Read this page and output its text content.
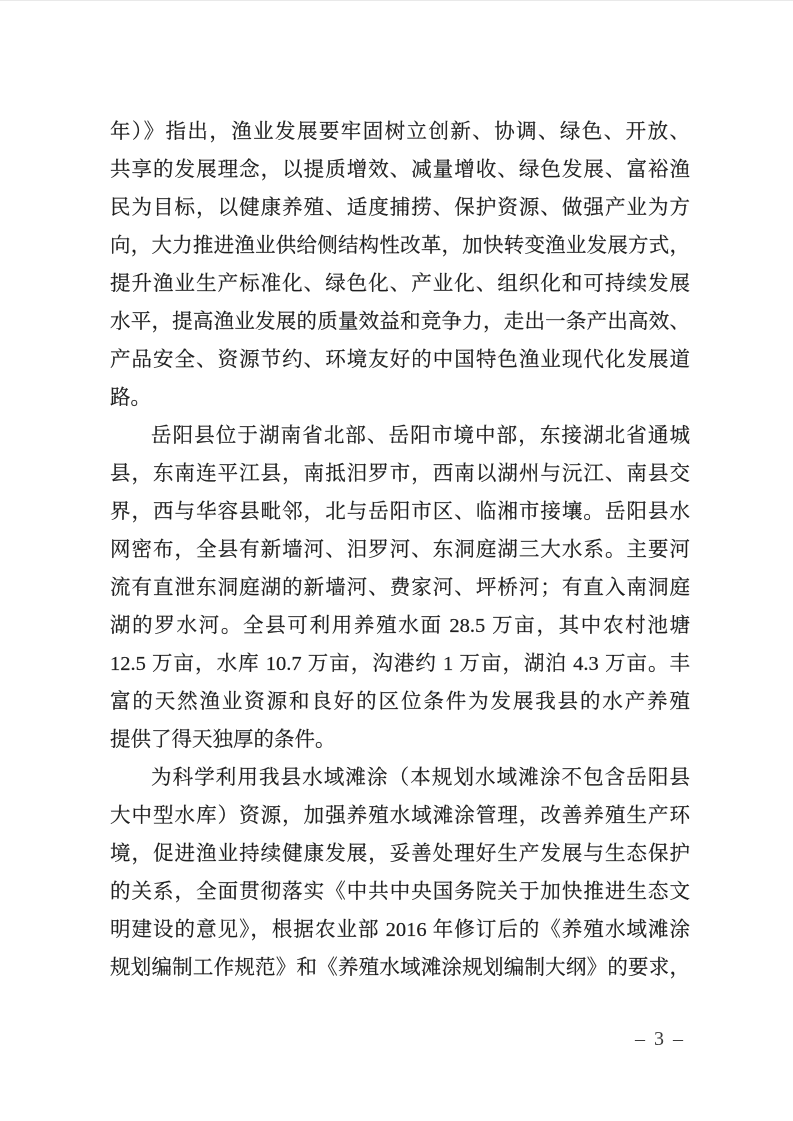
年）》指出，渔业发展要牢固树立创新、协调、绿色、开放、
共享的发展理念，以提质增效、减量增收、绿色发展、富裕渔
民为目标，以健康养殖、适度捕捞、保护资源、做强产业为方
向，大力推进渔业供给侧结构性改革，加快转变渔业发展方式，
提升渔业生产标准化、绿色化、产业化、组织化和可持续发展
水平，提高渔业发展的质量效益和竞争力，走出一条产出高效、
产品安全、资源节约、环境友好的中国特色渔业现代化发展道
路。
岳阳县位于湖南省北部、岳阳市境中部，东接湖北省通城
县，东南连平江县，南抵汨罗市，西南以湖州与沅江、南县交
界，西与华容县毗邻，北与岳阳市区、临湘市接壤。岳阳县水
网密布，全县有新墙河、汨罗河、东洞庭湖三大水系。主要河
流有直泄东洞庭湖的新墙河、费家河、坪桥河；有直入南洞庭
湖的罗水河。全县可利用养殖水面 28.5 万亩，其中农村池塘
12.5 万亩，水库 10.7 万亩，沟港约 1 万亩，湖泊 4.3 万亩。丰
富的天然渔业资源和良好的区位条件为发展我县的水产养殖
提供了得天独厚的条件。
为科学利用我县水域滩涂（本规划水域滩涂不包含岳阳县
大中型水库）资源，加强养殖水域滩涂管理，改善养殖生产环
境，促进渔业持续健康发展，妥善处理好生产发展与生态保护
的关系，全面贯彻落实《中共中央国务院关于加快推进生态文
明建设的意见》，根据农业部 2016 年修订后的《养殖水域滩涂
规划编制工作规范》和《养殖水域滩涂规划编制大纲》的要求，
– 3 –
